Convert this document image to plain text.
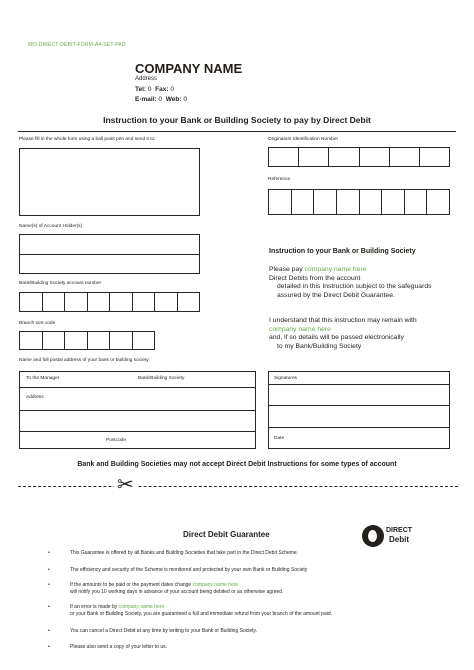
883-DIRECT-DEBIT-FORM-A4-SET-PAD
COMPANY NAME
Address
Tel: 0 Fax: 0
E-mail: 0 Web: 0
Instruction to your Bank or Building Society to pay by Direct Debit
Please fill in the whole form using a ball point pen and send it to:
Name(s) of Account Holder(s)
Bank/Building Society account number
Branch sort code
Name and full postal address of your bank or building society
To the Manager	Bank/Building Society
Address
Postcode
Originators Identification Number
Reference
Instruction to your Bank or Building Society
Please pay company name here
Direct Debits from the account
detailed in this Instruction subject to the safeguards
assured by the Direct Debit Guarantee.
I understand that this instruction may remain with
company name here
and, if so details will be passed electronically
to my Bank/Building Society
Signatures
Date
Bank and Building Societies may not accept Direct Debit Instructions for some types of account
✂
Direct Debit Guarantee	DIRECT
Debit
•	This Guarantee is offered by all Banks and Building Societies that take part in the Direct Debit Scheme.
•	The efficiency and security of the Scheme is monitored and protected by your own Bank or Building Society
•	If the amounts to be paid or the payment dates change company name here
will notify you 10 working days in advance of your account being debited or as otherwise agreed.
•	If an error is made by company name here
or your Bank or Building Society, you are guaranteed a full and immediate refund from your branch of the amount paid.
•	You can cancel a Direct Debit at any time by writing to your Bank or Building Society.
•	Please also send a copy of your letter to us.
